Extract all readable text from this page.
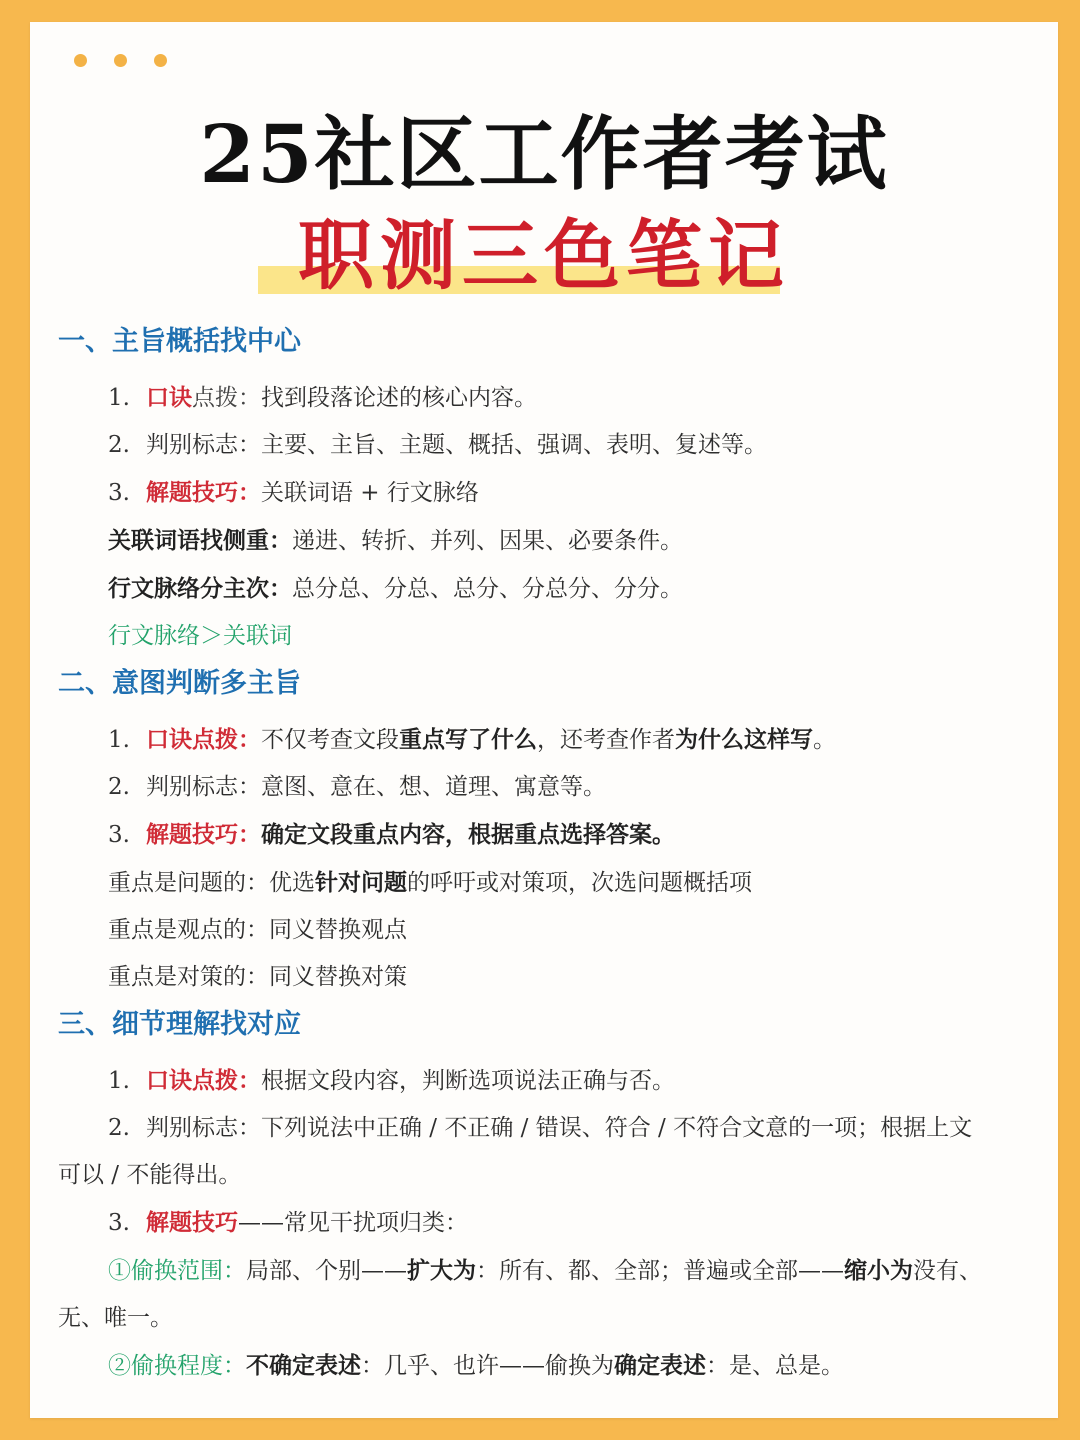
25社区工作者考试
职测三色笔记
一、主旨概括找中心
1. 口诀点拨：找到段落论述的核心内容。
2. 判别标志：主要、主旨、主题、概括、强调、表明、复述等。
3. 解题技巧：关联词语 + 行文脉络
关联词语找侧重：递进、转折、并列、因果、必要条件。
行文脉络分主次：总分总、分总、总分、分总分、分分。
行文脉络＞关联词
二、意图判断多主旨
1. 口诀点拨：不仅考查文段重点写了什么，还考查作者为什么这样写。
2. 判别标志：意图、意在、想、道理、寓意等。
3. 解题技巧：确定文段重点内容，根据重点选择答案。
重点是问题的：优选针对问题的呼吁或对策项，次选问题概括项
重点是观点的：同义替换观点
重点是对策的：同义替换对策
三、细节理解找对应
1. 口诀点拨：根据文段内容，判断选项说法正确与否。
2. 判别标志：下列说法中正确 / 不正确 / 错误、符合 / 不符合文意的一项；根据上文
可以 / 不能得出。
3. 解题技巧——常见干扰项归类：
①偷换范围：局部、个别——扩大为：所有、都、全部；普遍或全部——缩小为没有、
无、唯一。
②偷换程度：不确定表述：几乎、也许——偷换为确定表述：是、总是。
